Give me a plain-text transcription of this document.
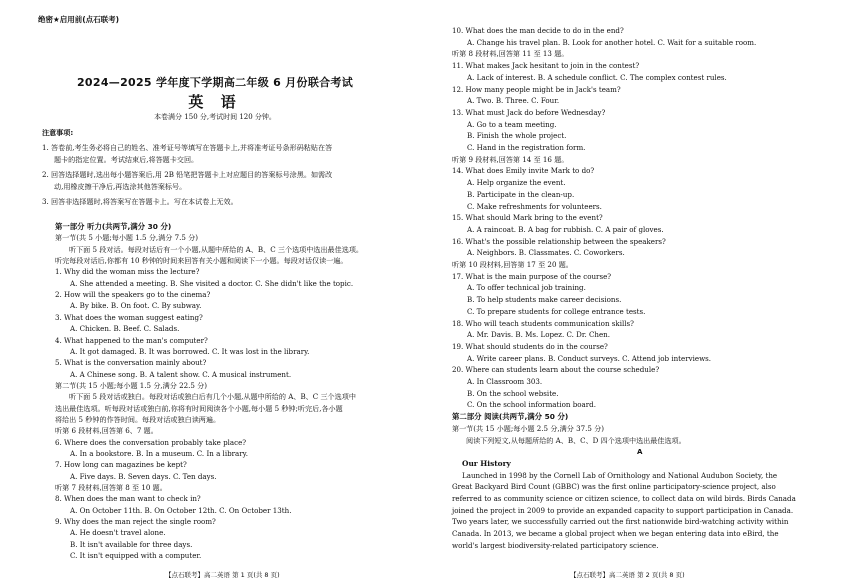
绝密★启用前(点石联考)
2024—2025 学年度下学期高二年级 6 月份联合考试
英 语
本卷满分 150 分,考试时间 120 分钟。
注意事项:
1. 答卷前,考生务必将自己的姓名、准考证号等填写在答题卡上,并将准考证号条形码粘贴在答
题卡的指定位置。考试结束后,将答题卡交回。
2. 回答选择题时,选出每小题答案后,用 2B 铅笔把答题卡上对应题目的答案标号涂黑。如需改
动,用橡皮擦干净后,再选涂其他答案标号。
3. 回答非选择题时,将答案写在答题卡上。写在本试卷上无效。
第一部分 听力(共两节,满分 30 分)
第一节(共 5 小题;每小题 1.5 分,满分 7.5 分)
听下面 5 段对话。每段对话后有一个小题,从题中所给的 A、B、C 三个选项中选出最佳选项。
听完每段对话后,你都有 10 秒钟的时间来回答有关小题和阅读下一小题。每段对话仅读一遍。
1. Why did the woman miss the lecture?
A. She attended a meeting. B. She visited a doctor. C. She didn't like the topic.
2. How will the speakers go to the cinema?
A. By bike. B. On foot. C. By subway.
3. What does the woman suggest eating?
A. Chicken. B. Beef. C. Salads.
4. What happened to the man's computer?
A. It got damaged. B. It was borrowed. C. It was lost in the library.
5. What is the conversation mainly about?
A. A Chinese song. B. A talent show. C. A musical instrument.
第二节(共 15 小题;每小题 1.5 分,满分 22.5 分)
听下面 5 段对话或独白。每段对话或独白后有几个小题,从题中所给的 A、B、C 三个选项中
选出最佳选项。听每段对话或独白前,你将有时间阅读各个小题,每小题 5 秒钟;听完后,各小题
将给出 5 秒钟的作答时间。每段对话或独白读两遍。
听第 6 段材料,回答第 6、7 题。
6. Where does the conversation probably take place?
A. In a bookstore. B. In a museum. C. In a library.
7. How long can magazines be kept?
A. Five days. B. Seven days. C. Ten days.
听第 7 段材料,回答第 8 至 10 题。
8. When does the man want to check in?
A. On October 11th. B. On October 12th. C. On October 13th.
9. Why does the man reject the single room?
A. He doesn't travel alone.
B. It isn't available for three days.
C. It isn't equipped with a computer.
【点石联考】高二英语 第 1 页(共 8 页)
10. What does the man decide to do in the end?
A. Change his travel plan. B. Look for another hotel. C. Wait for a suitable room.
听第 8 段材料,回答第 11 至 13 题。
11. What makes Jack hesitant to join in the contest?
A. Lack of interest. B. A schedule conflict. C. The complex contest rules.
12. How many people might be in Jack's team?
A. Two. B. Three. C. Four.
13. What must Jack do before Wednesday?
A. Go to a team meeting.
B. Finish the whole project.
C. Hand in the registration form.
听第 9 段材料,回答第 14 至 16 题。
14. What does Emily invite Mark to do?
A. Help organize the event.
B. Participate in the clean-up.
C. Make refreshments for volunteers.
15. What should Mark bring to the event?
A. A raincoat. B. A bag for rubbish. C. A pair of gloves.
16. What's the possible relationship between the speakers?
A. Neighbors. B. Classmates. C. Coworkers.
听第 10 段材料,回答第 17 至 20 题。
17. What is the main purpose of the course?
A. To offer technical job training.
B. To help students make career decisions.
C. To prepare students for college entrance tests.
18. Who will teach students communication skills?
A. Mr. Davis. B. Ms. Lopez. C. Dr. Chen.
19. What should students do in the course?
A. Write career plans. B. Conduct surveys. C. Attend job interviews.
20. Where can students learn about the course schedule?
A. In Classroom 303.
B. On the school website.
C. On the school information board.
第二部分 阅读(共两节,满分 50 分)
第一节(共 15 小题;每小题 2.5 分,满分 37.5 分)
阅读下列短文,从每题所给的 A、B、C、D 四个选项中选出最佳选项。
A
Our History
Launched in 1998 by the Cornell Lab of Ornithology and National Audubon Society, the
Great Backyard Bird Count (GBBC) was the first online participatory-science project, also
referred to as community science or citizen science, to collect data on wild birds. Birds Canada
joined the project in 2009 to provide an expanded capacity to support participation in Canada.
Two years later, we successfully carried out the first nationwide bird-watching activity within
Canada. In 2013, we became a global project when we began entering data into eBird, the
world's largest biodiversity-related participatory science.
【点石联考】高二英语 第 2 页(共 8 页)
